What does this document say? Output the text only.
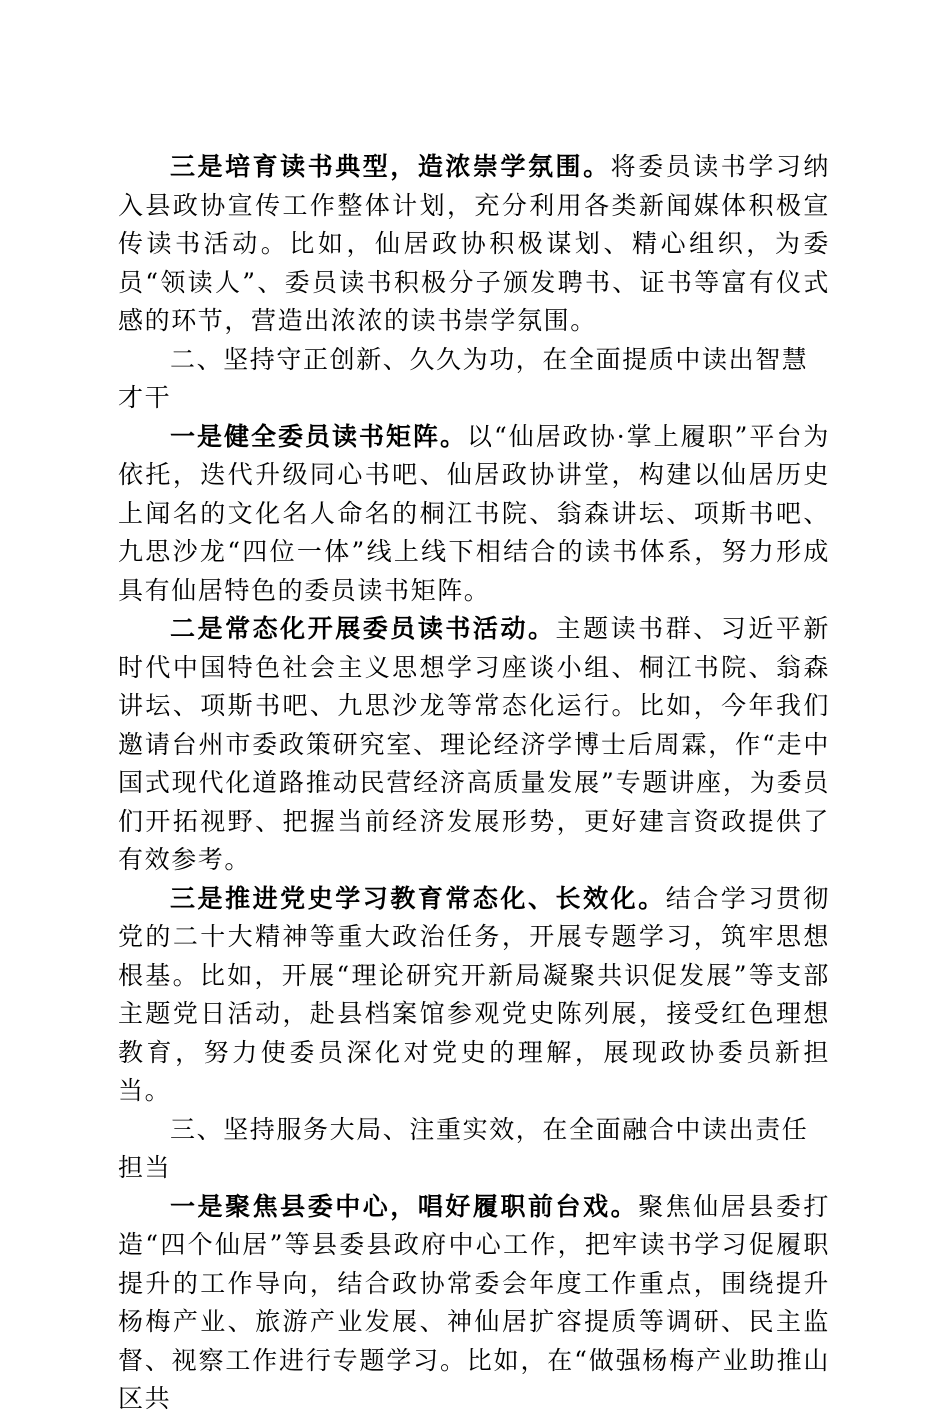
三是培育读书典型，造浓崇学氛围。将委员读书学习纳入县政协宣传工作整体计划，充分利用各类新闻媒体积极宣传读书活动。比如，仙居政协积极谋划、精心组织，为委员“领读人”、委员读书积极分子颁发聘书、证书等富有仪式感的环节，营造出浓浓的读书崇学氛围。

二、坚持守正创新、久久为功，在全面提质中读出智慧才干

一是健全委员读书矩阵。以“仙居政协·掌上履职”平台为依托，迭代升级同心书吧、仙居政协讲堂，构建以仙居历史上闻名的文化名人命名的桐江书院、翁森讲坛、项斯书吧、九思沙龙“四位一体”线上线下相结合的读书体系，努力形成具有仙居特色的委员读书矩阵。

二是常态化开展委员读书活动。主题读书群、习近平新时代中国特色社会主义思想学习座谈小组、桐江书院、翁森讲坛、项斯书吧、九思沙龙等常态化运行。比如，今年我们邀请台州市委政策研究室、理论经济学博士后周霖，作“走中国式现代化道路推动民营经济高质量发展”专题讲座，为委员们开拓视野、把握当前经济发展形势，更好建言资政提供了有效参考。

三是推进党史学习教育常态化、长效化。结合学习贯彻党的二十大精神等重大政治任务，开展专题学习，筑牢思想根基。比如，开展“理论研究开新局凝聚共识促发展”等支部主题党日活动，赴县档案馆参观党史陈列展，接受红色理想教育，努力使委员深化对党史的理解，展现政协委员新担当。

三、坚持服务大局、注重实效，在全面融合中读出责任担当

一是聚焦县委中心，唱好履职前台戏。聚焦仙居县委打造“四个仙居”等县委县政府中心工作，把牢读书学习促履职提升的工作导向，结合政协常委会年度工作重点，围绕提升杨梅产业、旅游产业发展、神仙居扩容提质等调研、民主监督、视察工作进行专题学习。比如，在“做强杨梅产业助推山区共
